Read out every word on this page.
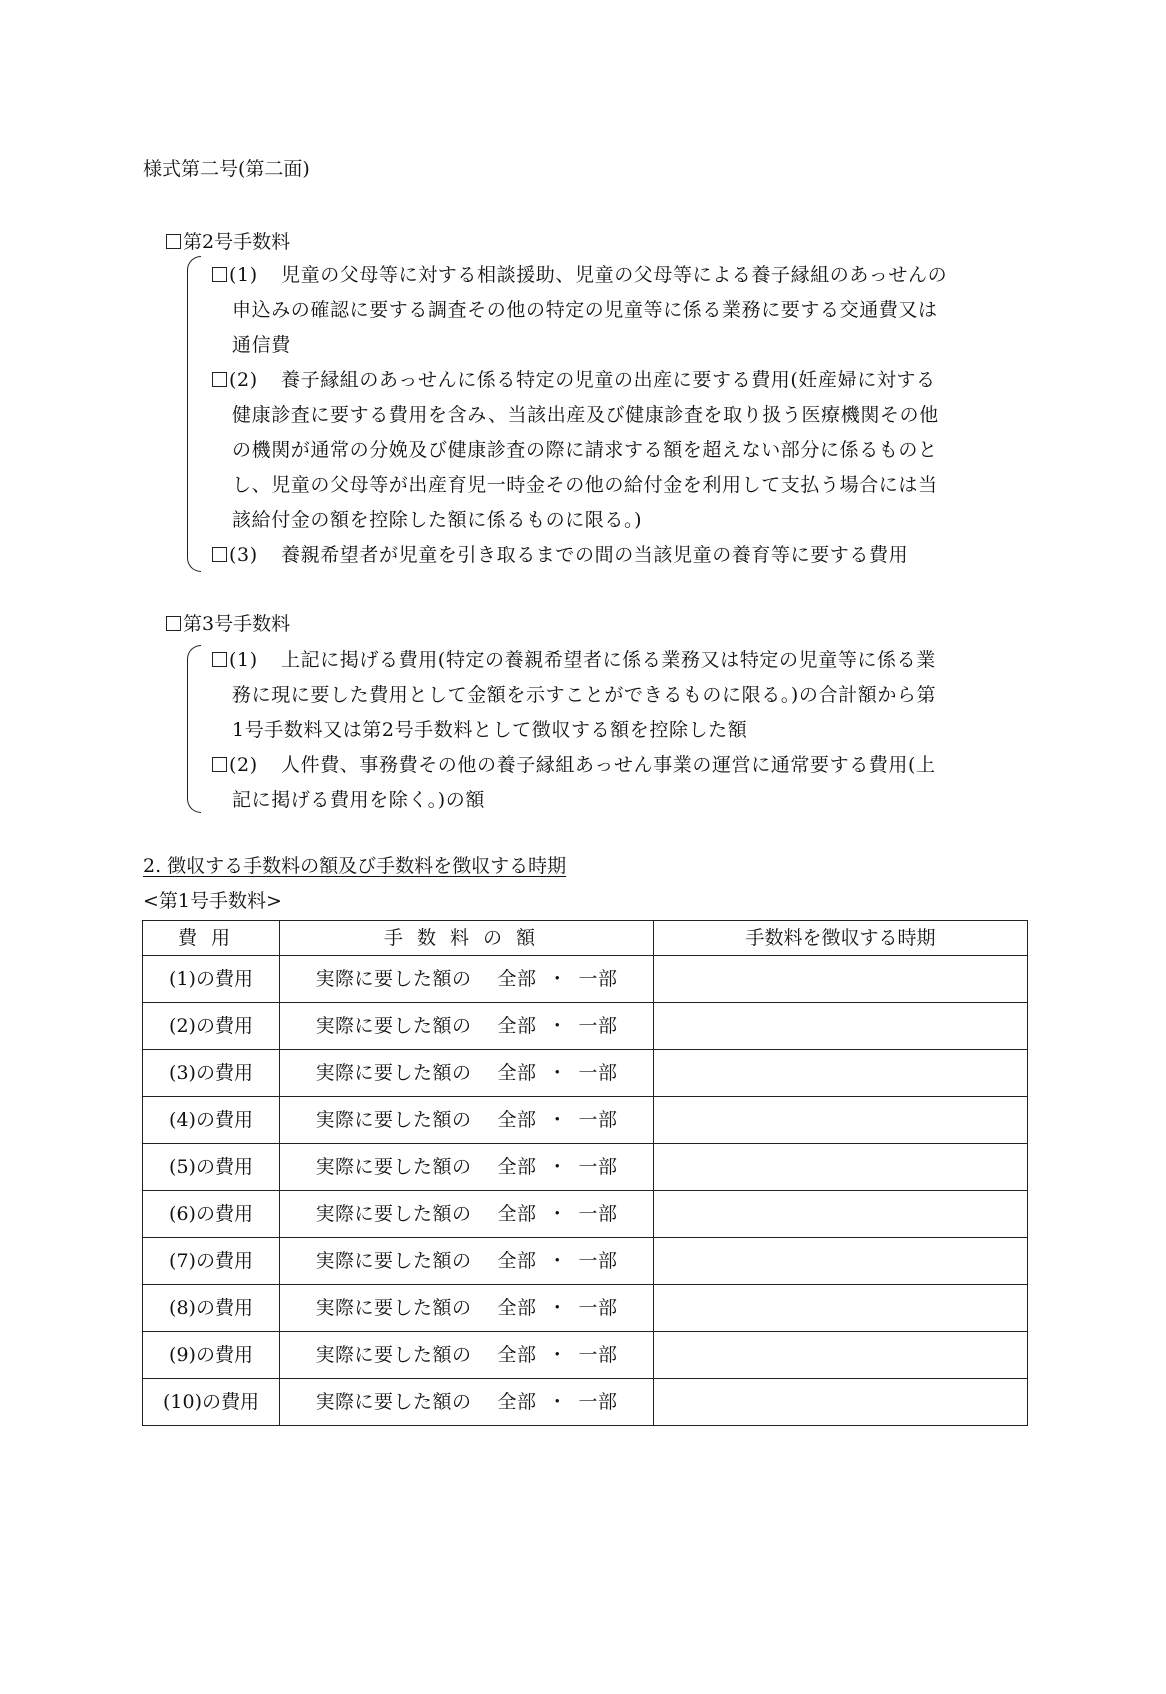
様式第二号(第二面)
第2号手数料
(1) 児童の父母等に対する相談援助、児童の父母等による養子縁組のあっせんの
申込みの確認に要する調査その他の特定の児童等に係る業務に要する交通費又は
通信費
(2) 養子縁組のあっせんに係る特定の児童の出産に要する費用(妊産婦に対する
健康診査に要する費用を含み、当該出産及び健康診査を取り扱う医療機関その他
の機関が通常の分娩及び健康診査の際に請求する額を超えない部分に係るものと
し、児童の父母等が出産育児一時金その他の給付金を利用して支払う場合には当
該給付金の額を控除した額に係るものに限る。)
(3) 養親希望者が児童を引き取るまでの間の当該児童の養育等に要する費用
第3号手数料
(1) 上記に掲げる費用(特定の養親希望者に係る業務又は特定の児童等に係る業
務に現に要した費用として金額を示すことができるものに限る。)の合計額から第
1号手数料又は第2号手数料として徴収する額を控除した額
(2) 人件費、事務費その他の養子縁組あっせん事業の運営に通常要する費用(上
記に掲げる費用を除く。)の額
2. 徴収する手数料の額及び手数料を徴収する時期
<第1号手数料>
費用	手数料の額	手数料を徴収する時期
(1)の費用	実際に要した額の 全部 ・ 一部	
(2)の費用	実際に要した額の 全部 ・ 一部	
(3)の費用	実際に要した額の 全部 ・ 一部	
(4)の費用	実際に要した額の 全部 ・ 一部	
(5)の費用	実際に要した額の 全部 ・ 一部	
(6)の費用	実際に要した額の 全部 ・ 一部	
(7)の費用	実際に要した額の 全部 ・ 一部	
(8)の費用	実際に要した額の 全部 ・ 一部	
(9)の費用	実際に要した額の 全部 ・ 一部	
(10)の費用	実際に要した額の 全部 ・ 一部	
